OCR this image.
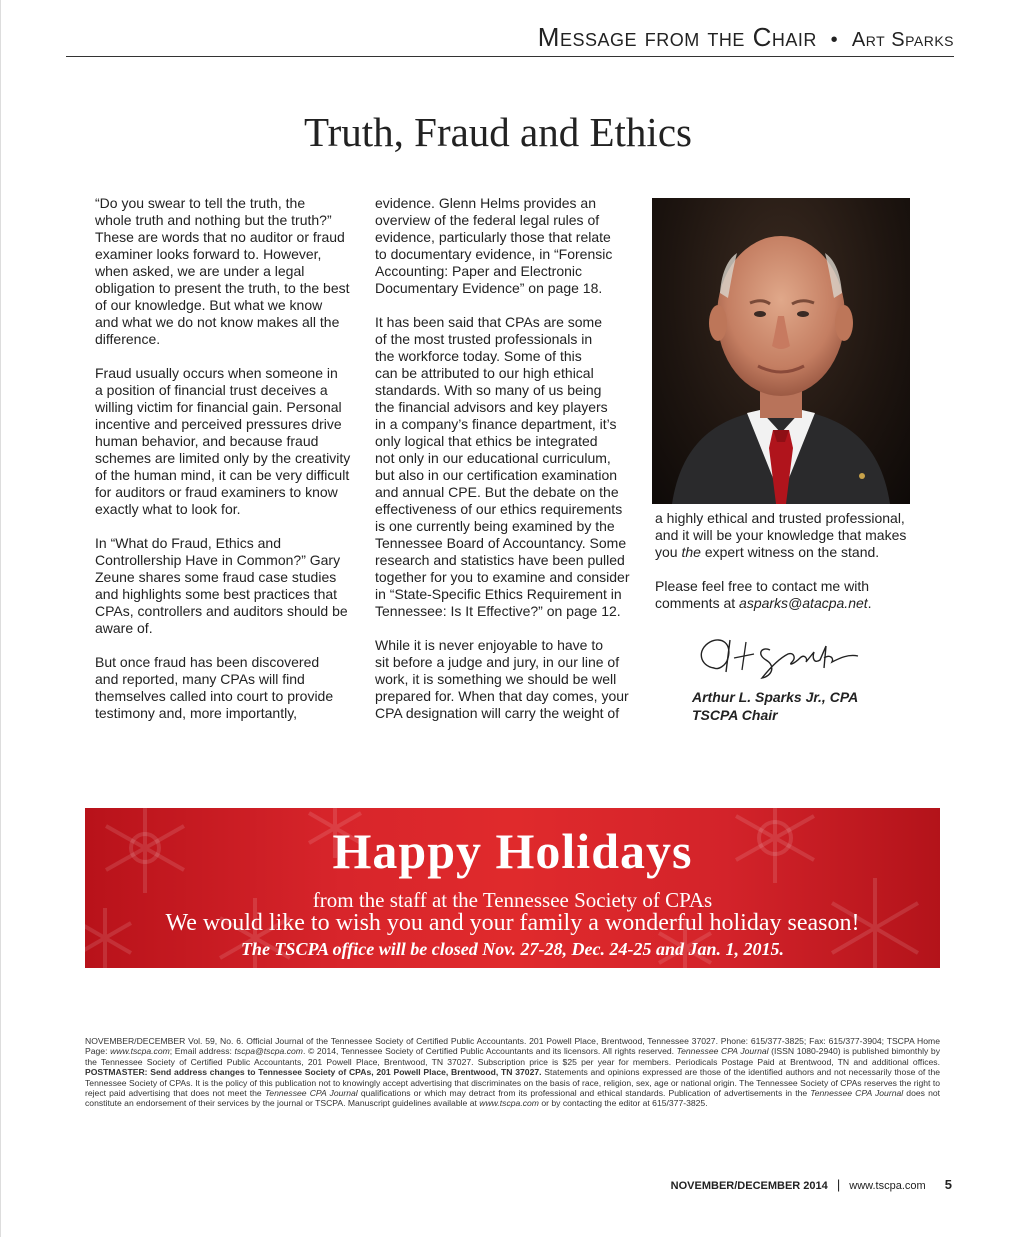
Message from the Chair • Art Sparks
Truth, Fraud and Ethics

“Do you swear to tell the truth, the
whole truth and nothing but the truth?”
These are words that no auditor or fraud
examiner looks forward to. However,
when asked, we are under a legal
obligation to present the truth, to the best
of our knowledge. But what we know
and what we do not know makes all the
difference.

Fraud usually occurs when someone in
a position of financial trust deceives a
willing victim for financial gain. Personal
incentive and perceived pressures drive
human behavior, and because fraud
schemes are limited only by the creativity
of the human mind, it can be very difficult
for auditors or fraud examiners to know
exactly what to look for.

In “What do Fraud, Ethics and
Controllership Have in Common?” Gary
Zeune shares some fraud case studies
and highlights some best practices that
CPAs, controllers and auditors should be
aware of.

But once fraud has been discovered
and reported, many CPAs will find
themselves called into court to provide
testimony and, more importantly,

evidence. Glenn Helms provides an
overview of the federal legal rules of
evidence, particularly those that relate
to documentary evidence, in “Forensic
Accounting: Paper and Electronic
Documentary Evidence” on page 18.

It has been said that CPAs are some
of the most trusted professionals in
the workforce today. Some of this
can be attributed to our high ethical
standards. With so many of us being
the financial advisors and key players
in a company’s finance department, it’s
only logical that ethics be integrated
not only in our educational curriculum,
but also in our certification examination
and annual CPE. But the debate on the
effectiveness of our ethics requirements
is one currently being examined by the
Tennessee Board of Accountancy. Some
research and statistics have been pulled
together for you to examine and consider
in “State-Specific Ethics Requirement in
Tennessee: Is It Effective?” on page 12.

While it is never enjoyable to have to
sit before a judge and jury, in our line of
work, it is something we should be well
prepared for. When that day comes, your
CPA designation will carry the weight of

a highly ethical and trusted professional,
and it will be your knowledge that makes
you the expert witness on the stand.

Please feel free to contact me with
comments at asparks@atacpa.net.

Arthur L. Sparks Jr., CPA
TSCPA Chair
Happy Holidays
from the staff at the Tennessee Society of CPAs
We would like to wish you and your family a wonderful holiday season!
The TSCPA office will be closed Nov. 27-28, Dec. 24-25 and Jan. 1, 2015.
NOVEMBER/DECEMBER Vol. 59, No. 6. Official Journal of the Tennessee Society of Certified Public Accountants. 201 Powell Place, Brentwood, Tennessee 37027. Phone: 615/377-3825; Fax: 615/377-3904; TSCPA Home Page: www.tscpa.com; Email address: tscpa@tscpa.com. © 2014, Tennessee Society of Certified Public Accountants and its licensors. All rights reserved. Tennessee CPA Journal (ISSN 1080-2940) is published bimonthly by the Tennessee Society of Certified Public Accountants, 201 Powell Place, Brentwood, TN 37027. Subscription price is $25 per year for members. Periodicals Postage Paid at Brentwood, TN and additional offices. POSTMASTER: Send address changes to Tennessee Society of CPAs, 201 Powell Place, Brentwood, TN 37027. Statements and opinions expressed are those of the identified authors and not necessarily those of the Tennessee Society of CPAs. It is the policy of this publication not to knowingly accept advertising that discriminates on the basis of race, religion, sex, age or national origin. The Tennessee Society of CPAs reserves the right to reject paid advertising that does not meet the Tennessee CPA Journal qualifications or which may detract from its professional and ethical standards. Publication of advertisements in the Tennessee CPA Journal does not constitute an endorsement of their services by the journal or TSCPA. Manuscript guidelines available at www.tscpa.com or by contacting the editor at 615/377-3825.
NOVEMBER/DECEMBER 2014 | www.tscpa.com 5
